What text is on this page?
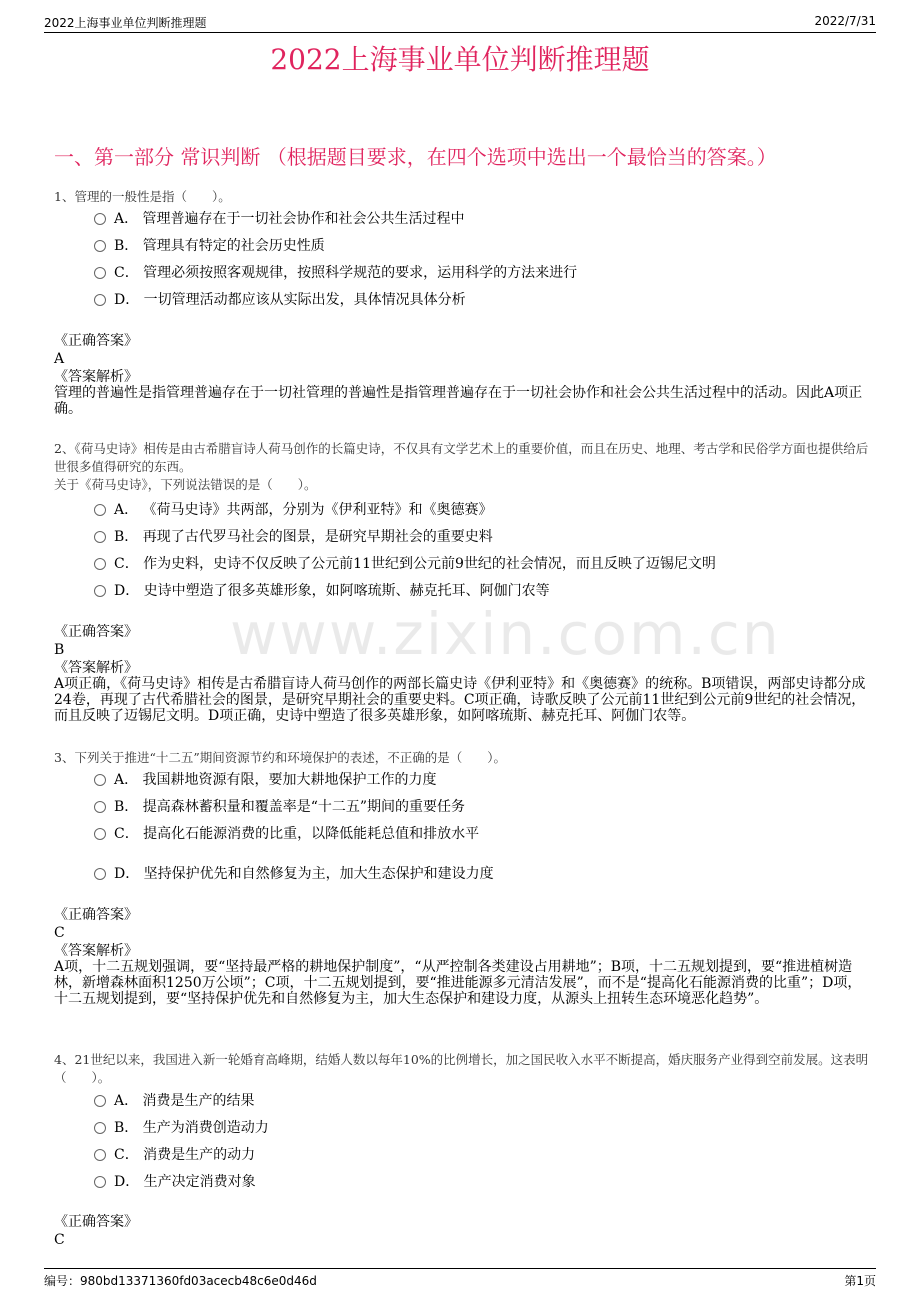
2022上海事业单位判断推理题	2022/7/31
2022上海事业单位判断推理题
一、第一部分 常识判断 （根据题目要求，在四个选项中选出一个最恰当的答案。）
www.zixin.com.cn
1、管理的一般性是指（　　）。
A． 管理普遍存在于一切社会协作和社会公共生活过程中
B． 管理具有特定的社会历史性质
C． 管理必须按照客观规律，按照科学规范的要求，运用科学的方法来进行
D． 一切管理活动都应该从实际出发，具体情况具体分析
《正确答案》
A
《答案解析》
管理的普遍性是指管理普遍存在于一切社管理的普遍性是指管理普遍存在于一切社会协作和社会公共生活过程中的活动。因此A项正确。
2、《荷马史诗》相传是由古希腊盲诗人荷马创作的长篇史诗，不仅具有文学艺术上的重要价值，而且在历史、地理、考古学和民俗学方面也提供给后世很多值得研究的东西。
关于《荷马史诗》，下列说法错误的是（　　）。
A． 《荷马史诗》共两部，分别为《伊利亚特》和《奥德赛》
B． 再现了古代罗马社会的图景，是研究早期社会的重要史料
C． 作为史料，史诗不仅反映了公元前11世纪到公元前9世纪的社会情况，而且反映了迈锡尼文明
D． 史诗中塑造了很多英雄形象，如阿喀琉斯、赫克托耳、阿伽门农等
《正确答案》
B
《答案解析》
A项正确，《荷马史诗》相传是古希腊盲诗人荷马创作的两部长篇史诗《伊利亚特》和《奥德赛》的统称。B项错误，两部史诗都分成24卷，再现了古代希腊社会的图景，是研究早期社会的重要史料。C项正确，诗歌反映了公元前11世纪到公元前9世纪的社会情况，而且反映了迈锡尼文明。D项正确，史诗中塑造了很多英雄形象，如阿喀琉斯、赫克托耳、阿伽门农等。
3、下列关于推进“十二五”期间资源节约和环境保护的表述，不正确的是（　　）。
A． 我国耕地资源有限，要加大耕地保护工作的力度
B． 提高森林蓄积量和覆盖率是“十二五”期间的重要任务
C． 提高化石能源消费的比重，以降低能耗总值和排放水平
D． 坚持保护优先和自然修复为主，加大生态保护和建设力度
《正确答案》
C
《答案解析》
A项，十二五规划强调，要“坚持最严格的耕地保护制度”，“从严控制各类建设占用耕地”；B项，十二五规划提到，要“推进植树造林，新增森林面积1250万公顷”；C项，十二五规划提到，要“推进能源多元清洁发展”，而不是“提高化石能源消费的比重”；D项，十二五规划提到，要“坚持保护优先和自然修复为主，加大生态保护和建设力度，从源头上扭转生态环境恶化趋势”。
4、21世纪以来，我国进入新一轮婚育高峰期，结婚人数以每年10%的比例增长，加之国民收入水平不断提高，婚庆服务产业得到空前发展。这表明（　　）。
A． 消费是生产的结果
B． 生产为消费创造动力
C． 消费是生产的动力
D． 生产决定消费对象
《正确答案》
C
编号：980bd13371360fd03acecb48c6e0d46d	第1页
